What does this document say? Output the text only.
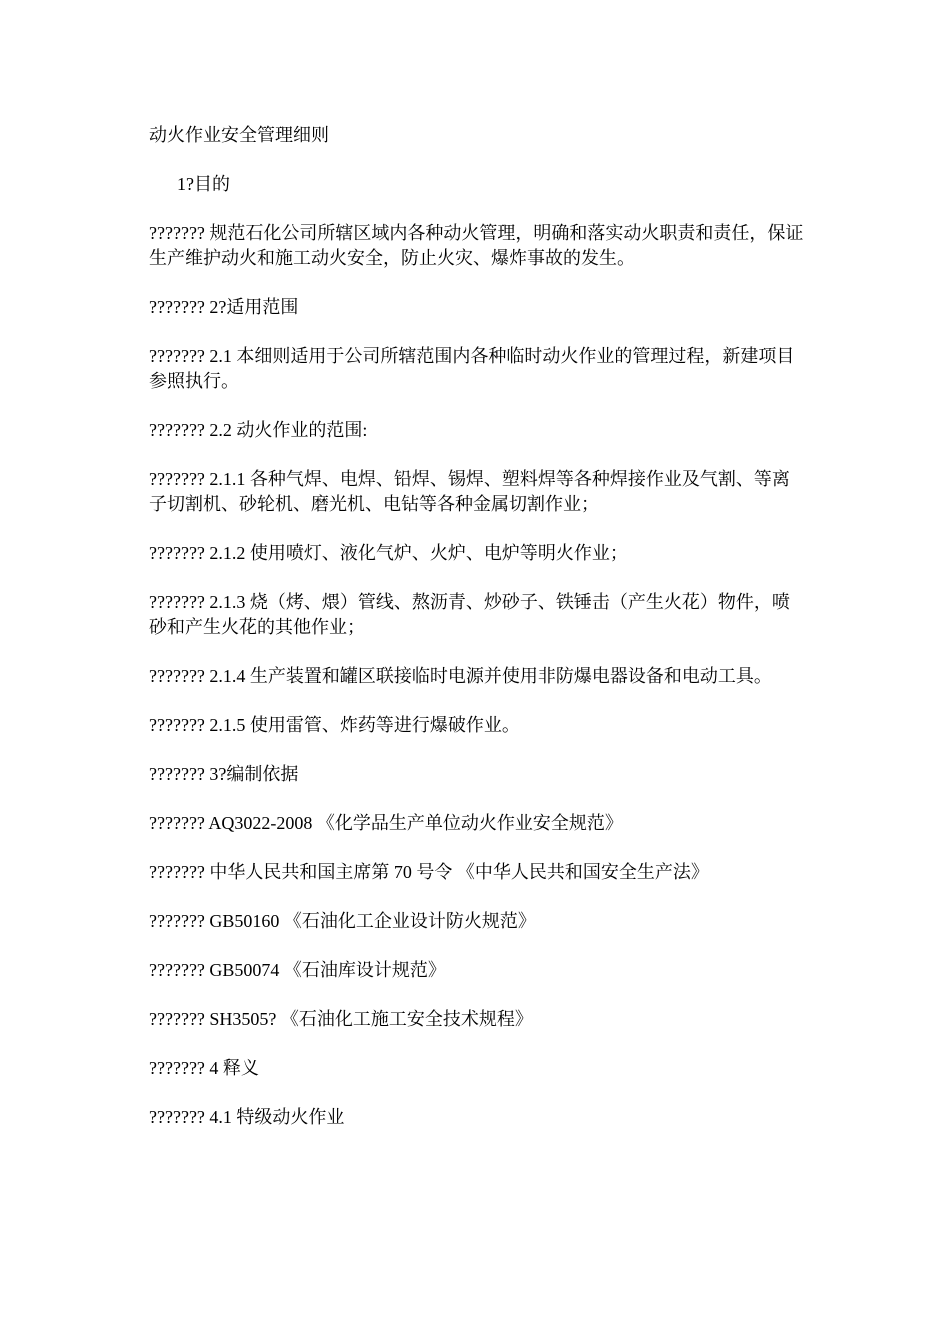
动火作业安全管理细则

1?目的

??????? 规范石化公司所辖区域内各种动火管理，明确和落实动火职责和责任，保证生产维护动火和施工动火安全，防止火灾、爆炸事故的发生。

??????? 2?适用范围

??????? 2.1 本细则适用于公司所辖范围内各种临时动火作业的管理过程，新建项目参照执行。

??????? 2.2 动火作业的范围:

??????? 2.1.1 各种气焊、电焊、铅焊、锡焊、塑料焊等各种焊接作业及气割、等离子切割机、砂轮机、磨光机、电钻等各种金属切割作业；

??????? 2.1.2 使用喷灯、液化气炉、火炉、电炉等明火作业；

??????? 2.1.3 烧（烤、煨）管线、熬沥青、炒砂子、铁锤击（产生火花）物件，喷砂和产生火花的其他作业；

??????? 2.1.4 生产装置和罐区联接临时电源并使用非防爆电器设备和电动工具。

??????? 2.1.5 使用雷管、炸药等进行爆破作业。

??????? 3?编制依据

??????? AQ3022-2008 《化学品生产单位动火作业安全规范》

??????? 中华人民共和国主席第 70 号令 《中华人民共和国安全生产法》

??????? GB50160 《石油化工企业设计防火规范》

??????? GB50074 《石油库设计规范》

??????? SH3505? 《石油化工施工安全技术规程》

??????? 4 释义

??????? 4.1 特级动火作业
